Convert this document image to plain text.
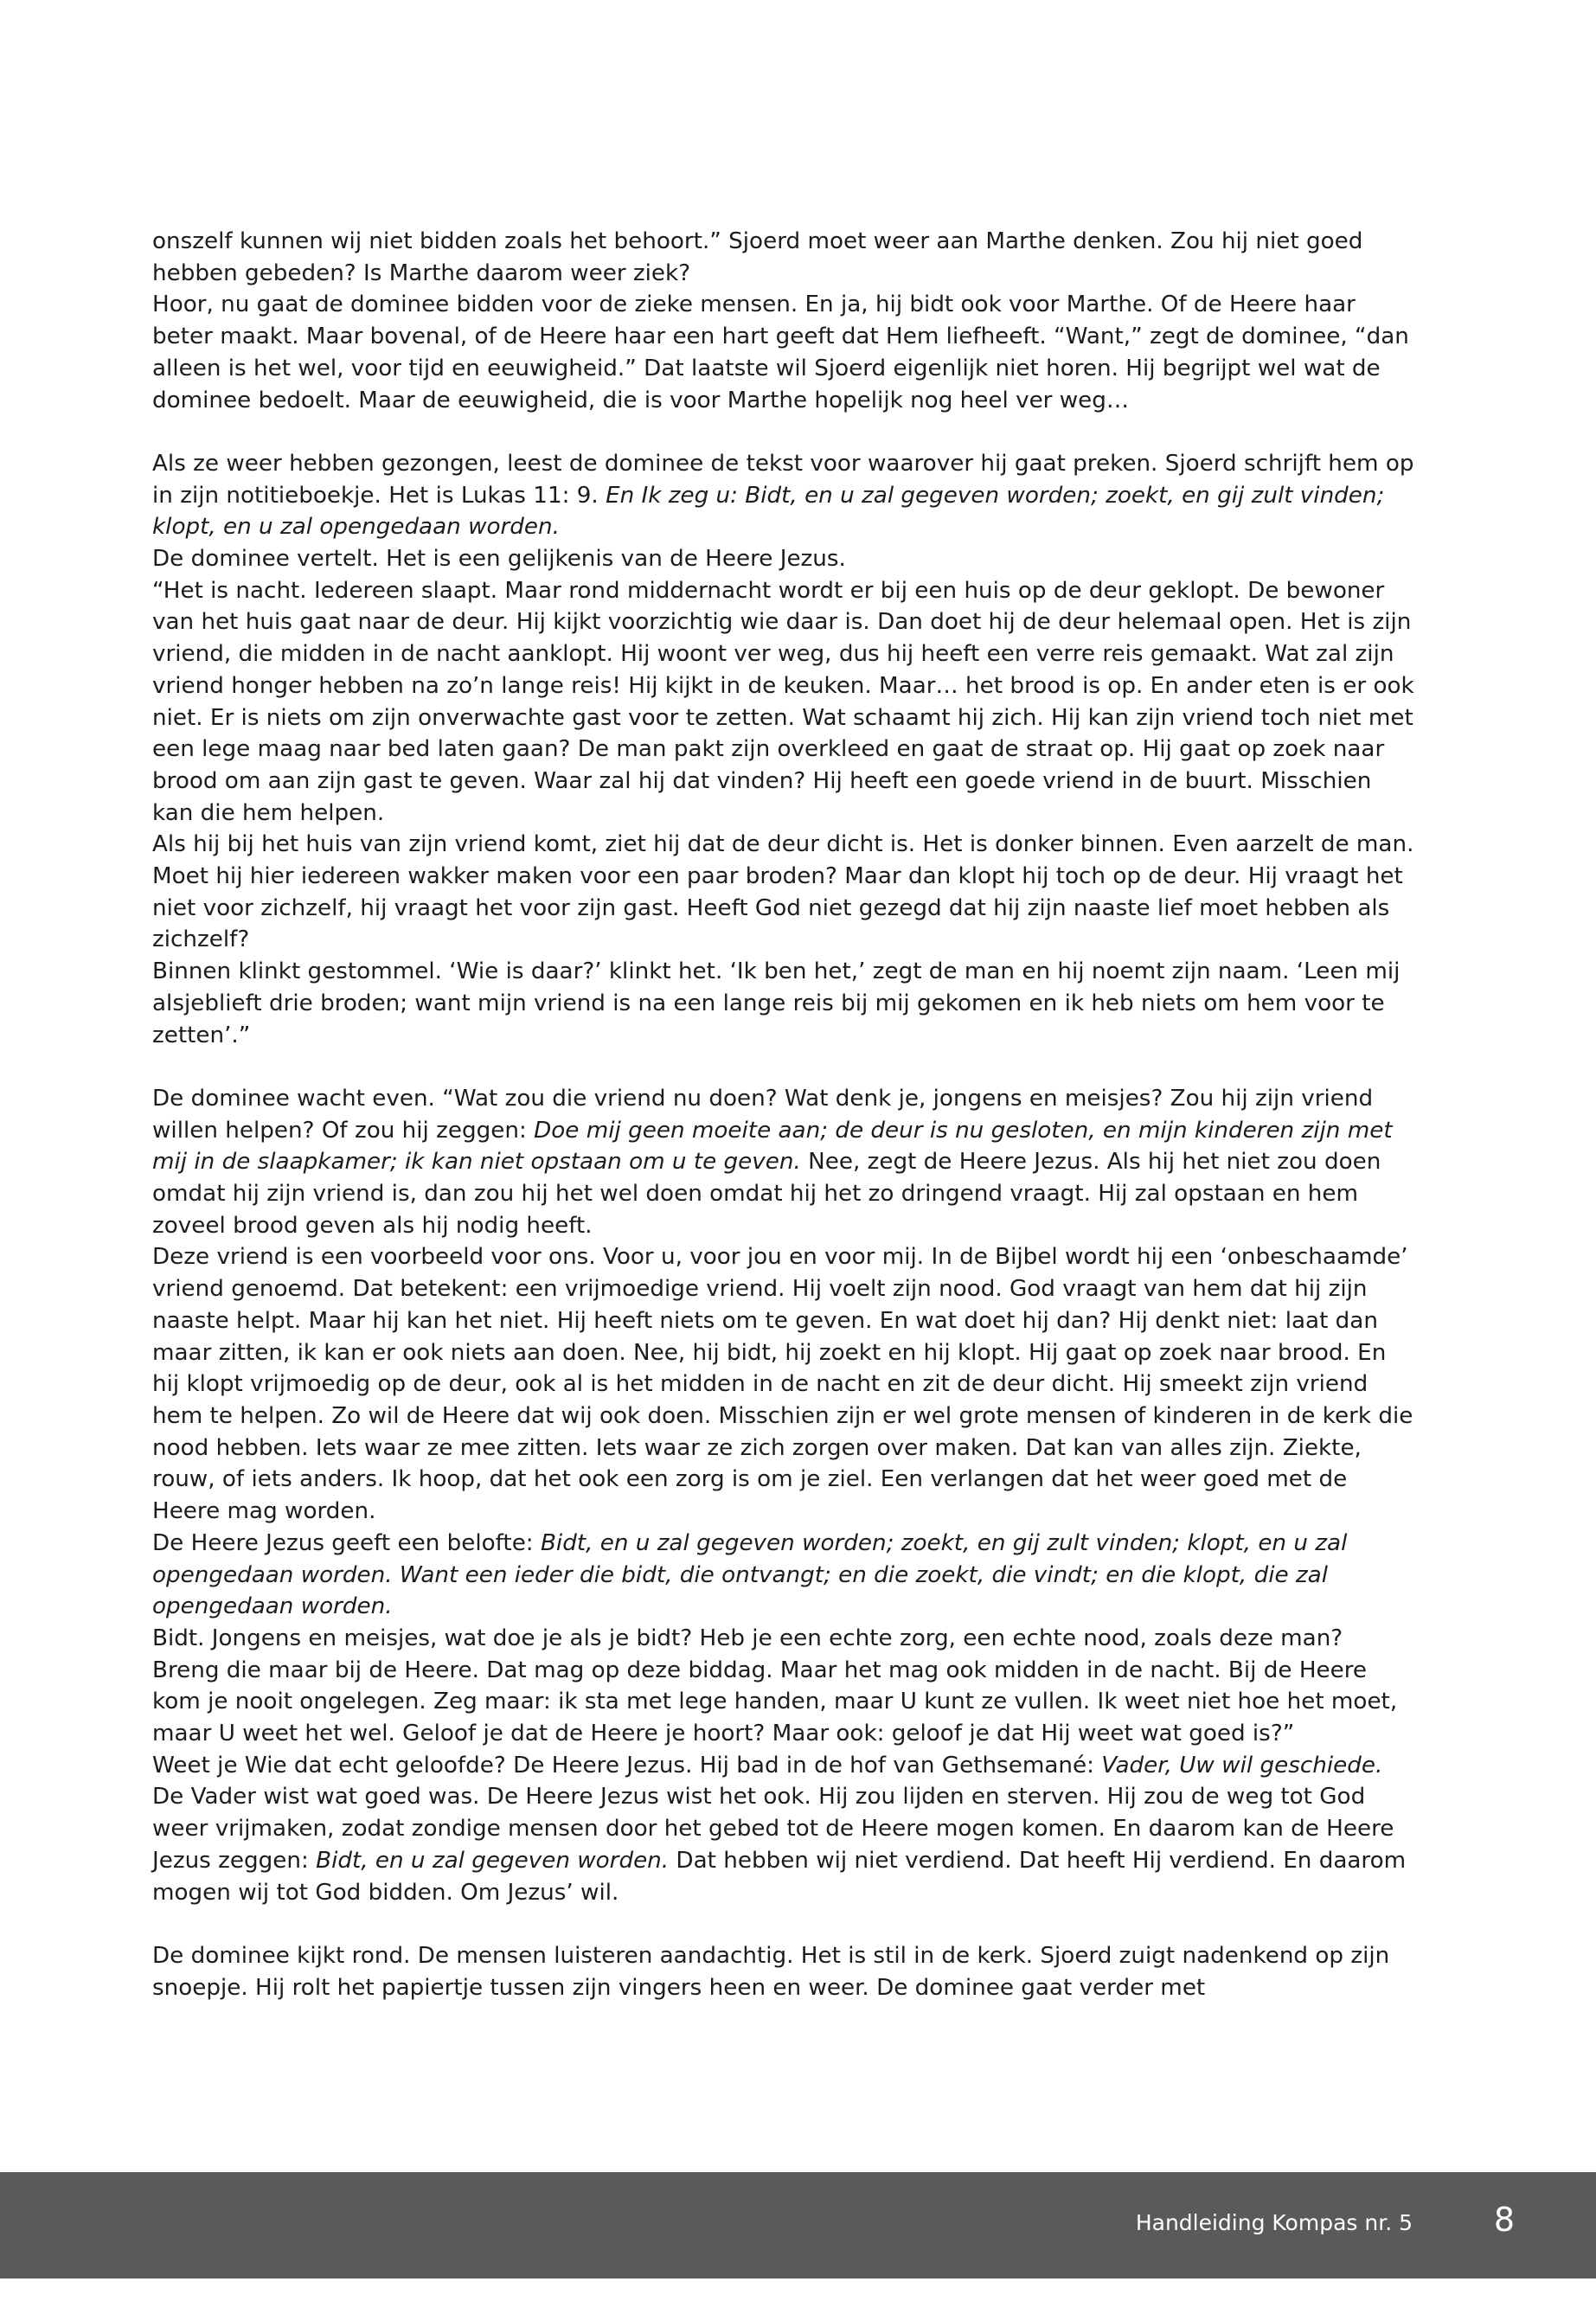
onszelf kunnen wij niet bidden zoals het behoort.” Sjoerd moet weer aan Marthe denken. Zou hij niet goed hebben gebeden? Is Marthe daarom weer ziek?

Hoor, nu gaat de dominee bidden voor de zieke mensen. En ja, hij bidt ook voor Marthe. Of de Heere haar beter maakt. Maar bovenal, of de Heere haar een hart geeft dat Hem liefheeft. “Want,” zegt de dominee, “dan alleen is het wel, voor tijd en eeuwigheid.” Dat laatste wil Sjoerd eigenlijk niet horen. Hij begrijpt wel wat de dominee bedoelt. Maar de eeuwigheid, die is voor Marthe hopelijk nog heel ver weg…

Als ze weer hebben gezongen, leest de dominee de tekst voor waarover hij gaat preken. Sjoerd schrijft hem op in zijn notitieboekje. Het is Lukas 11: 9. En Ik zeg u: Bidt, en u zal gegeven worden; zoekt, en gij zult vinden; klopt, en u zal opengedaan worden.

De dominee vertelt. Het is een gelijkenis van de Heere Jezus.

“Het is nacht. Iedereen slaapt. Maar rond middernacht wordt er bij een huis op de deur geklopt. De bewoner van het huis gaat naar de deur. Hij kijkt voorzichtig wie daar is. Dan doet hij de deur helemaal open. Het is zijn vriend, die midden in de nacht aanklopt. Hij woont ver weg, dus hij heeft een verre reis gemaakt. Wat zal zijn vriend honger hebben na zo’n lange reis! Hij kijkt in de keuken. Maar… het brood is op. En ander eten is er ook niet. Er is niets om zijn onverwachte gast voor te zetten. Wat schaamt hij zich. Hij kan zijn vriend toch niet met een lege maag naar bed laten gaan? De man pakt zijn overkleed en gaat de straat op. Hij gaat op zoek naar brood om aan zijn gast te geven. Waar zal hij dat vinden? Hij heeft een goede vriend in de buurt. Misschien kan die hem helpen.

Als hij bij het huis van zijn vriend komt, ziet hij dat de deur dicht is. Het is donker binnen. Even aarzelt de man. Moet hij hier iedereen wakker maken voor een paar broden? Maar dan klopt hij toch op de deur. Hij vraagt het niet voor zichzelf, hij vraagt het voor zijn gast. Heeft God niet gezegd dat hij zijn naaste lief moet hebben als zichzelf?

Binnen klinkt gestommel. ‘Wie is daar?’ klinkt het. ‘Ik ben het,’ zegt de man en hij noemt zijn naam. ‘Leen mij alsjeblieft drie broden; want mijn vriend is na een lange reis bij mij gekomen en ik heb niets om hem voor te zetten’.”

De dominee wacht even. “Wat zou die vriend nu doen? Wat denk je, jongens en meisjes? Zou hij zijn vriend willen helpen? Of zou hij zeggen: Doe mij geen moeite aan; de deur is nu gesloten, en mijn kinderen zijn met mij in de slaapkamer; ik kan niet opstaan om u te geven. Nee, zegt de Heere Jezus. Als hij het niet zou doen omdat hij zijn vriend is, dan zou hij het wel doen omdat hij het zo dringend vraagt. Hij zal opstaan en hem zoveel brood geven als hij nodig heeft.

Deze vriend is een voorbeeld voor ons. Voor u, voor jou en voor mij. In de Bijbel wordt hij een ‘onbeschaamde’ vriend genoemd. Dat betekent: een vrijmoedige vriend. Hij voelt zijn nood. God vraagt van hem dat hij zijn naaste helpt. Maar hij kan het niet. Hij heeft niets om te geven. En wat doet hij dan? Hij denkt niet: laat dan maar zitten, ik kan er ook niets aan doen. Nee, hij bidt, hij zoekt en hij klopt. Hij gaat op zoek naar brood. En hij klopt vrijmoedig op de deur, ook al is het midden in de nacht en zit de deur dicht. Hij smeekt zijn vriend hem te helpen. Zo wil de Heere dat wij ook doen. Misschien zijn er wel grote mensen of kinderen in de kerk die nood hebben. Iets waar ze mee zitten. Iets waar ze zich zorgen over maken. Dat kan van alles zijn. Ziekte, rouw, of iets anders. Ik hoop, dat het ook een zorg is om je ziel. Een verlangen dat het weer goed met de Heere mag worden.

De Heere Jezus geeft een belofte: Bidt, en u zal gegeven worden; zoekt, en gij zult vinden; klopt, en u zal opengedaan worden. Want een ieder die bidt, die ontvangt; en die zoekt, die vindt; en die klopt, die zal opengedaan worden.

Bidt. Jongens en meisjes, wat doe je als je bidt? Heb je een echte zorg, een echte nood, zoals deze man? Breng die maar bij de Heere. Dat mag op deze biddag. Maar het mag ook midden in de nacht. Bij de Heere kom je nooit ongelegen. Zeg maar: ik sta met lege handen, maar U kunt ze vullen. Ik weet niet hoe het moet, maar U weet het wel. Geloof je dat de Heere je hoort? Maar ook: geloof je dat Hij weet wat goed is?”

Weet je Wie dat echt geloofde? De Heere Jezus. Hij bad in de hof van Gethsemané: Vader, Uw wil geschiede. De Vader wist wat goed was. De Heere Jezus wist het ook. Hij zou lijden en sterven. Hij zou de weg tot God weer vrijmaken, zodat zondige mensen door het gebed tot de Heere mogen komen. En daarom kan de Heere Jezus zeggen: Bidt, en u zal gegeven worden. Dat hebben wij niet verdiend. Dat heeft Hij verdiend. En daarom mogen wij tot God bidden. Om Jezus’ wil.

De dominee kijkt rond. De mensen luisteren aandachtig. Het is stil in de kerk. Sjoerd zuigt nadenkend op zijn snoepje. Hij rolt het papiertje tussen zijn vingers heen en weer. De dominee gaat verder met

Handleiding Kompas nr. 5 8
